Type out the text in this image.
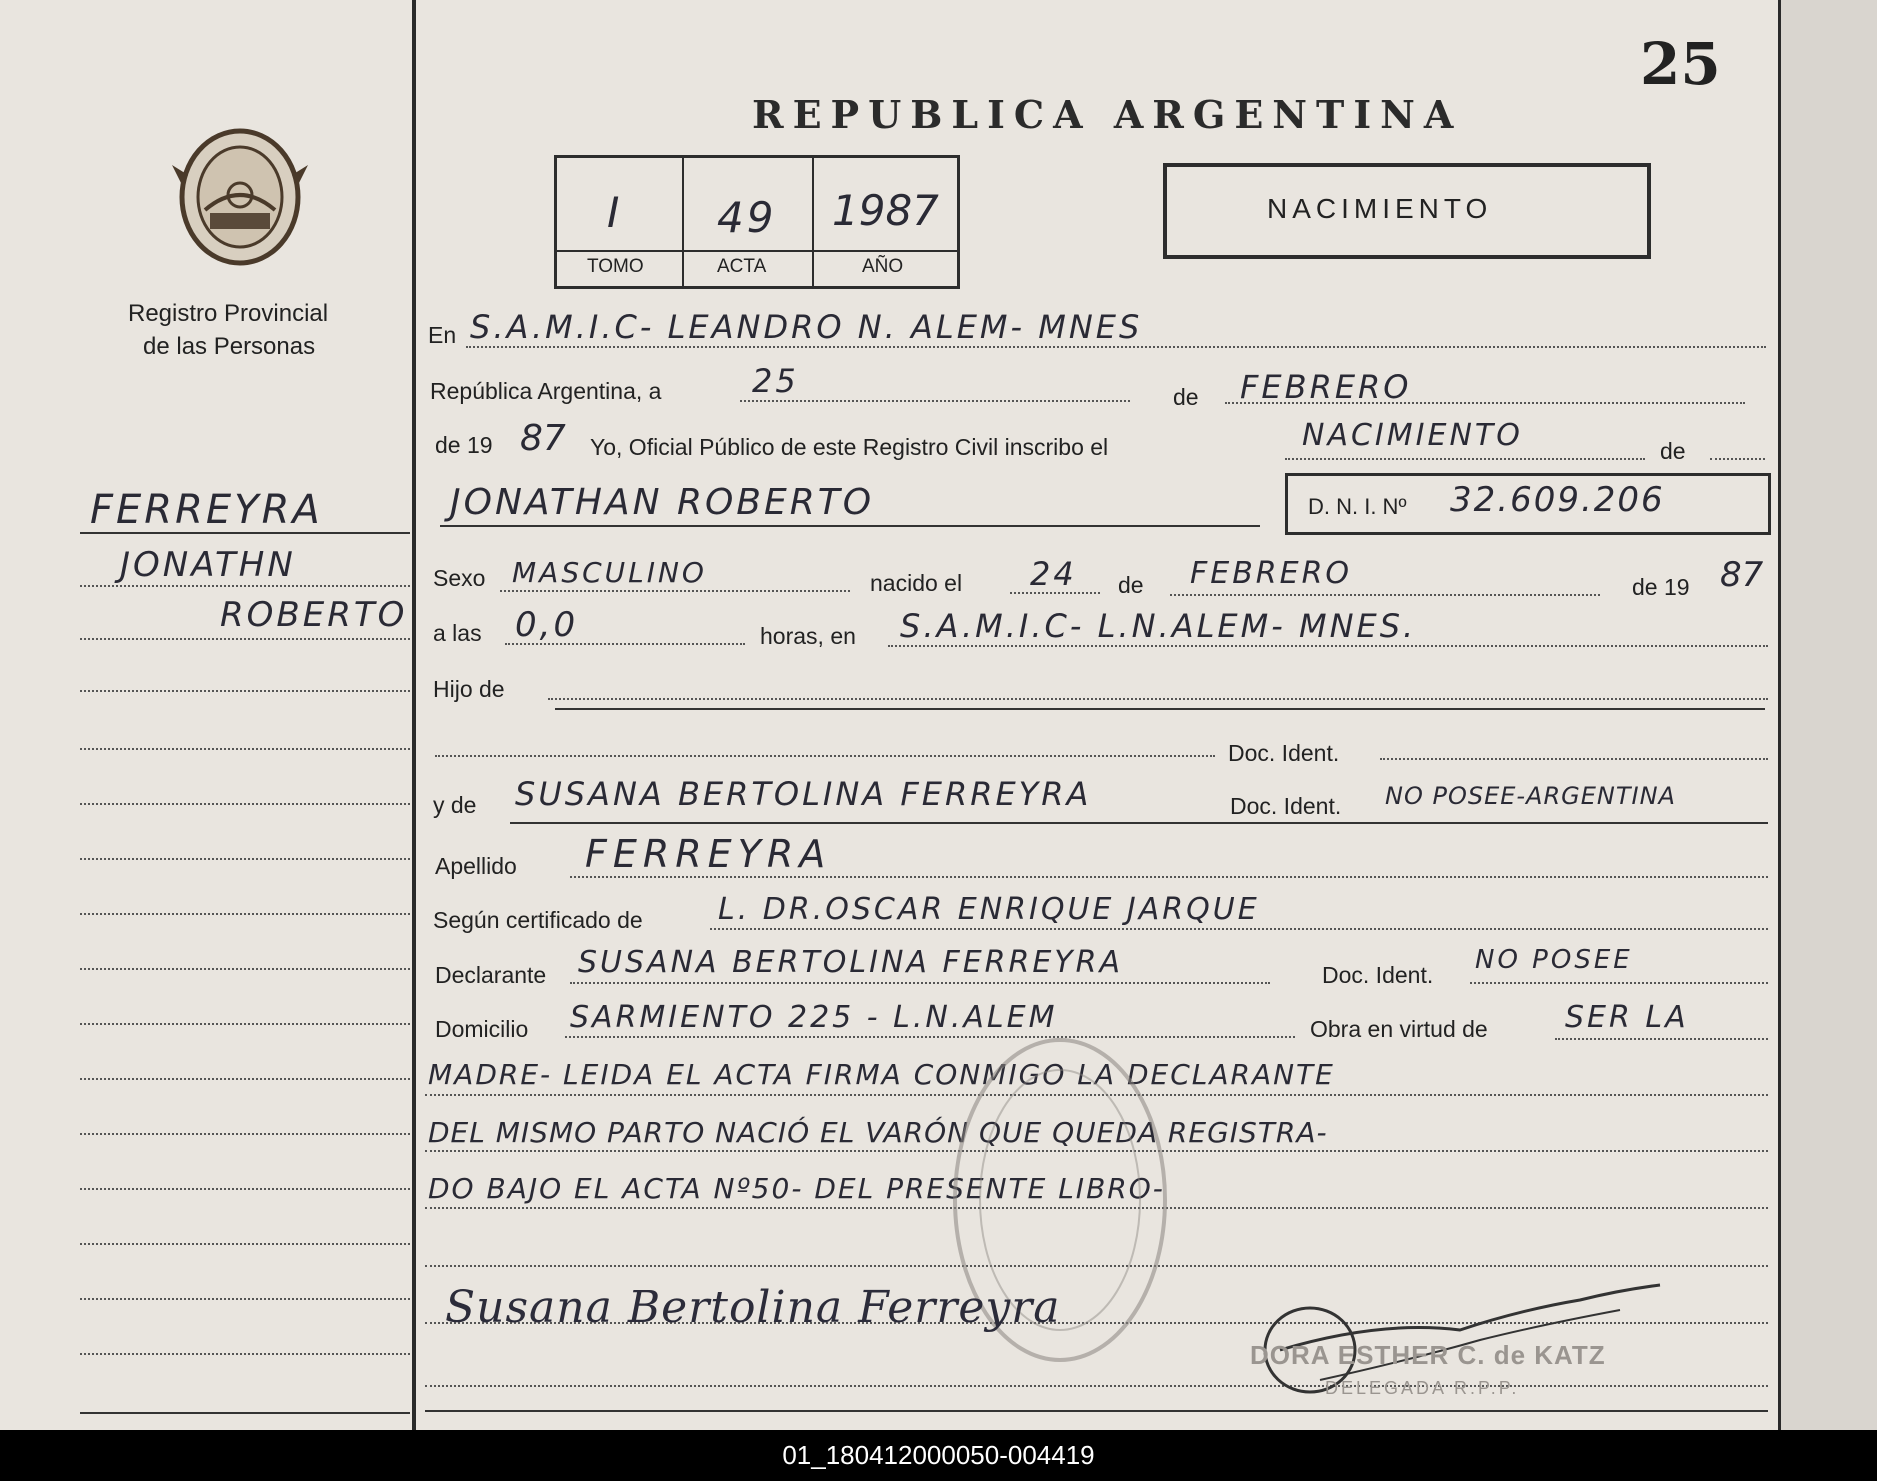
25
REPUBLICA ARGENTINA
Registro Provincial
de las Personas
I 49 1987
TOMO	ACTA	AÑO
NACIMIENTO
FERREYRA
JONATHN
ROBERTO
En S.A.M.I.C- LEANDRO N. ALEM- MNES
República Argentina, a	25	de FEBRERO
de 19 87 Yo, Oficial Público de este Registro Civil inscribo el	NACIMIENTO	de
JONATHAN ROBERTO	D. N. I. Nº 32.609.206
Sexo MASCULINO	nacido el 24 de FEBRERO	de 19 87
a las 0,0	horas, en S.A.M.I.C- L.N.ALEM- MNES.
Hijo de
Doc. Ident.
y de SUSANA BERTOLINA FERREYRA	Doc. Ident. NO POSEE-ARGENTINA
Apellido FERREYRA
Según certificado de	L. DR.OSCAR ENRIQUE JARQUE
Declarante SUSANA BERTOLINA FERREYRA	Doc. Ident. NO POSEE
Domicilio SARMIENTO 225 - L.N.ALEM	Obra en virtud de	SER LA
MADRE- LEIDA EL ACTA FIRMA CONMIGO LA DECLARANTE
DEL MISMO PARTO NACIÓ EL VARÓN QUE QUEDA REGISTRA-
DO BAJO EL ACTA Nº50- DEL PRESENTE LIBRO-
Susana Bertolina Ferreyra
DORA ESTHER C. de KATZ
DELEGADA R.P.P.
01_180412000050-004419
